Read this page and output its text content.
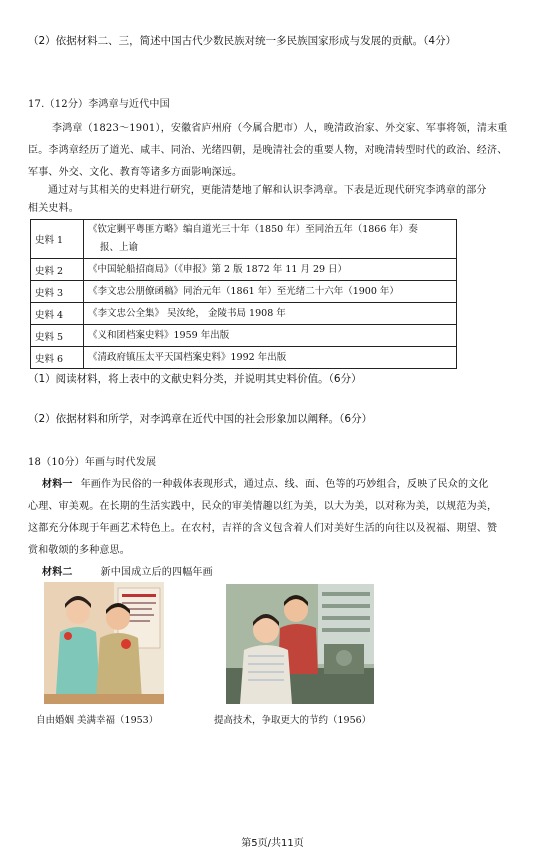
（2）依据材料二、三，简述中国古代少数民族对统一多民族国家形成与发展的贡献。（4分）
17.（12分）李鸿章与近代中国
李鸿章（1823～1901），安徽省庐州府（今属合肥市）人，晚清政治家、外交家、军事将领，清末重
臣。李鸿章经历了道光、咸丰、同治、光绪四朝，是晚清社会的重要人物，对晚清转型时代的政治、经济、
军事、外交、文化、教育等诸多方面影响深远。
通过对与其相关的史料进行研究，更能清楚地了解和认识李鸿章。下表是近现代研究李鸿章的部分
相关史料。
史料 1	《钦定剿平粤匪方略》编自道光三十年（1850 年）至同治五年（1866 年）奏
报、上谕
史料 2	《中国轮船招商局》（《申报》第 2 版 1872 年 11 月 29 日）
史料 3	《李文忠公朋僚函稿》同治元年（1861 年）至光绪二十六年（1900 年）
史料 4	《李文忠公全集》 吴汝纶， 金陵书局 1908 年
史料 5	《义和团档案史料》1959 年出版
史料 6	《清政府镇压太平天国档案史料》1992 年出版
（1）阅读材料，将上表中的文献史料分类，并说明其史料价值。（6分）
（2）依据材料和所学，对李鸿章在近代中国的社会形象加以阐释。（6分）
18（10分）年画与时代发展
材料一 年画作为民俗的一种载体表现形式，通过点、线、面、色等的巧妙组合，反映了民众的文化
心理、审美观。在长期的生活实践中，民众的审美情趣以红为美，以大为美，以对称为美，以规范为美，
这都充分体现于年画艺术特色上。在农村，吉祥的含义包含着人们对美好生活的向往以及祝福、期望、赞
赏和敬颂的多种意思。
材料二	新中国成立后的四幅年画
自由婚姻 美满幸福（1953）	提高技术，争取更大的节约（1956）
第5页/共11页
